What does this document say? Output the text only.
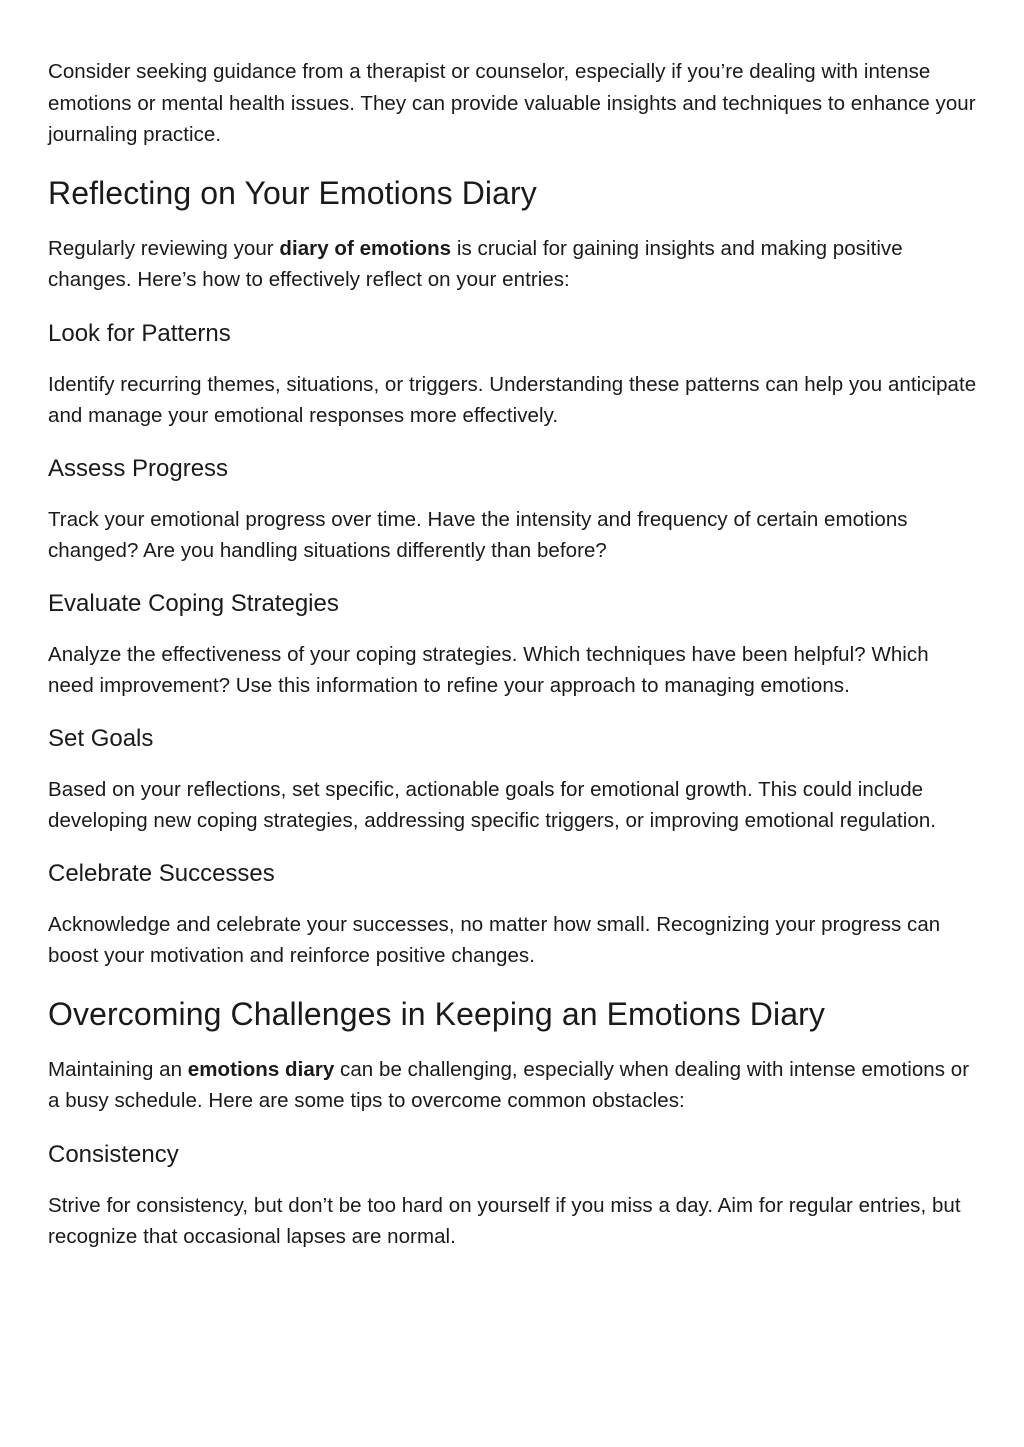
Consider seeking guidance from a therapist or counselor, especially if you’re dealing with intense emotions or mental health issues. They can provide valuable insights and techniques to enhance your journaling practice.

Reflecting on Your Emotions Diary

Regularly reviewing your diary of emotions is crucial for gaining insights and making positive changes. Here’s how to effectively reflect on your entries:

Look for Patterns

Identify recurring themes, situations, or triggers. Understanding these patterns can help you anticipate and manage your emotional responses more effectively.

Assess Progress

Track your emotional progress over time. Have the intensity and frequency of certain emotions changed? Are you handling situations differently than before?

Evaluate Coping Strategies

Analyze the effectiveness of your coping strategies. Which techniques have been helpful? Which need improvement? Use this information to refine your approach to managing emotions.

Set Goals

Based on your reflections, set specific, actionable goals for emotional growth. This could include developing new coping strategies, addressing specific triggers, or improving emotional regulation.

Celebrate Successes

Acknowledge and celebrate your successes, no matter how small. Recognizing your progress can boost your motivation and reinforce positive changes.

Overcoming Challenges in Keeping an Emotions Diary

Maintaining an emotions diary can be challenging, especially when dealing with intense emotions or a busy schedule. Here are some tips to overcome common obstacles:

Consistency

Strive for consistency, but don’t be too hard on yourself if you miss a day. Aim for regular entries, but recognize that occasional lapses are normal.
